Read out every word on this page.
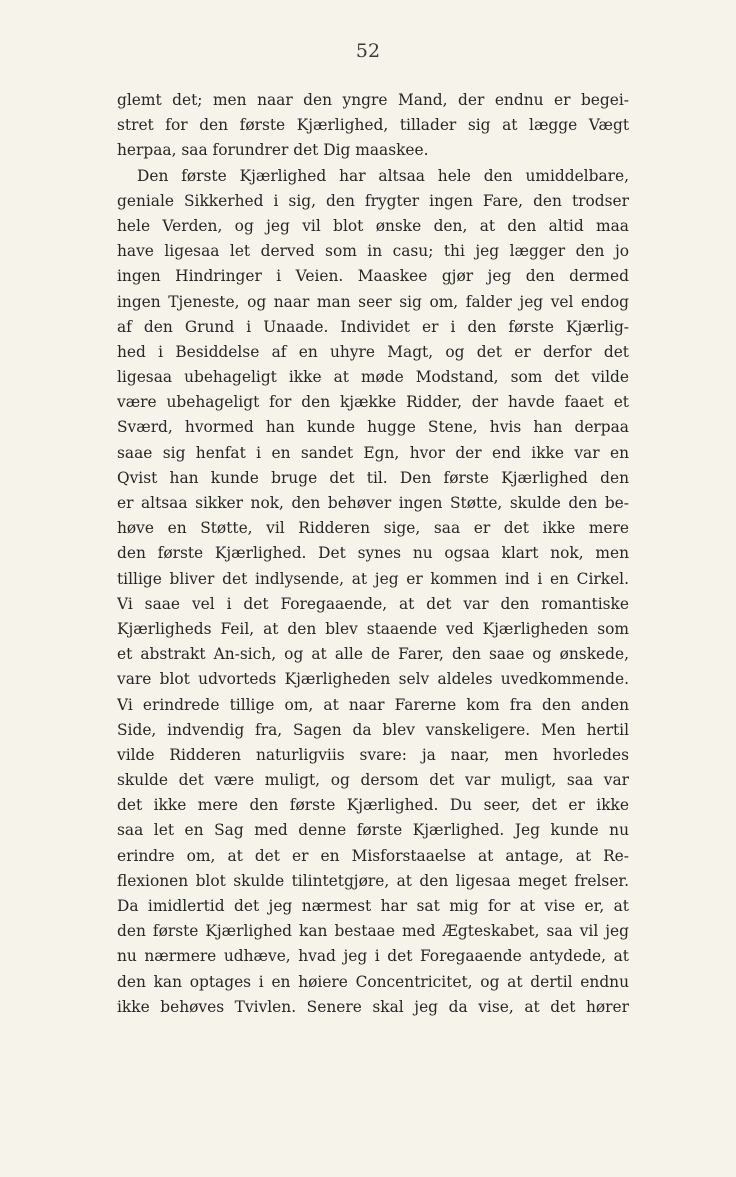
52
glemt det; men naar den yngre Mand, der endnu er begei-
stret for den første Kjærlighed, tillader sig at lægge Vægt
herpaa, saa forundrer det Dig maaskee.
Den første Kjærlighed har altsaa hele den umiddelbare,
geniale Sikkerhed i sig, den frygter ingen Fare, den trodser
hele Verden, og jeg vil blot ønske den, at den altid maa
have ligesaa let derved som in casu; thi jeg lægger den jo
ingen Hindringer i Veien. Maaskee gjør jeg den dermed
ingen Tjeneste, og naar man seer sig om, falder jeg vel endog
af den Grund i Unaade. Individet er i den første Kjærlig-
hed i Besiddelse af en uhyre Magt, og det er derfor det
ligesaa ubehageligt ikke at møde Modstand, som det vilde
være ubehageligt for den kjække Ridder, der havde faaet et
Sværd, hvormed han kunde hugge Stene, hvis han derpaa
saae sig henfat i en sandet Egn, hvor der end ikke var en
Qvist han kunde bruge det til. Den første Kjærlighed den
er altsaa sikker nok, den behøver ingen Støtte, skulde den be-
høve en Støtte, vil Ridderen sige, saa er det ikke mere
den første Kjærlighed. Det synes nu ogsaa klart nok, men
tillige bliver det indlysende, at jeg er kommen ind i en Cirkel.
Vi saae vel i det Foregaaende, at det var den romantiske
Kjærligheds Feil, at den blev staaende ved Kjærligheden som
et abstrakt An-sich, og at alle de Farer, den saae og ønskede,
vare blot udvorteds Kjærligheden selv aldeles uvedkommende.
Vi erindrede tillige om, at naar Farerne kom fra den anden
Side, indvendig fra, Sagen da blev vanskeligere. Men hertil
vilde Ridderen naturligviis svare: ja naar, men hvorledes
skulde det være muligt, og dersom det var muligt, saa var
det ikke mere den første Kjærlighed. Du seer, det er ikke
saa let en Sag med denne første Kjærlighed. Jeg kunde nu
erindre om, at det er en Misforstaaelse at antage, at Re-
flexionen blot skulde tilintetgjøre, at den ligesaa meget frelser.
Da imidlertid det jeg nærmest har sat mig for at vise er, at
den første Kjærlighed kan bestaae med Ægteskabet, saa vil jeg
nu nærmere udhæve, hvad jeg i det Foregaaende antydede, at
den kan optages i en høiere Concentricitet, og at dertil endnu
ikke behøves Tvivlen. Senere skal jeg da vise, at det hører
